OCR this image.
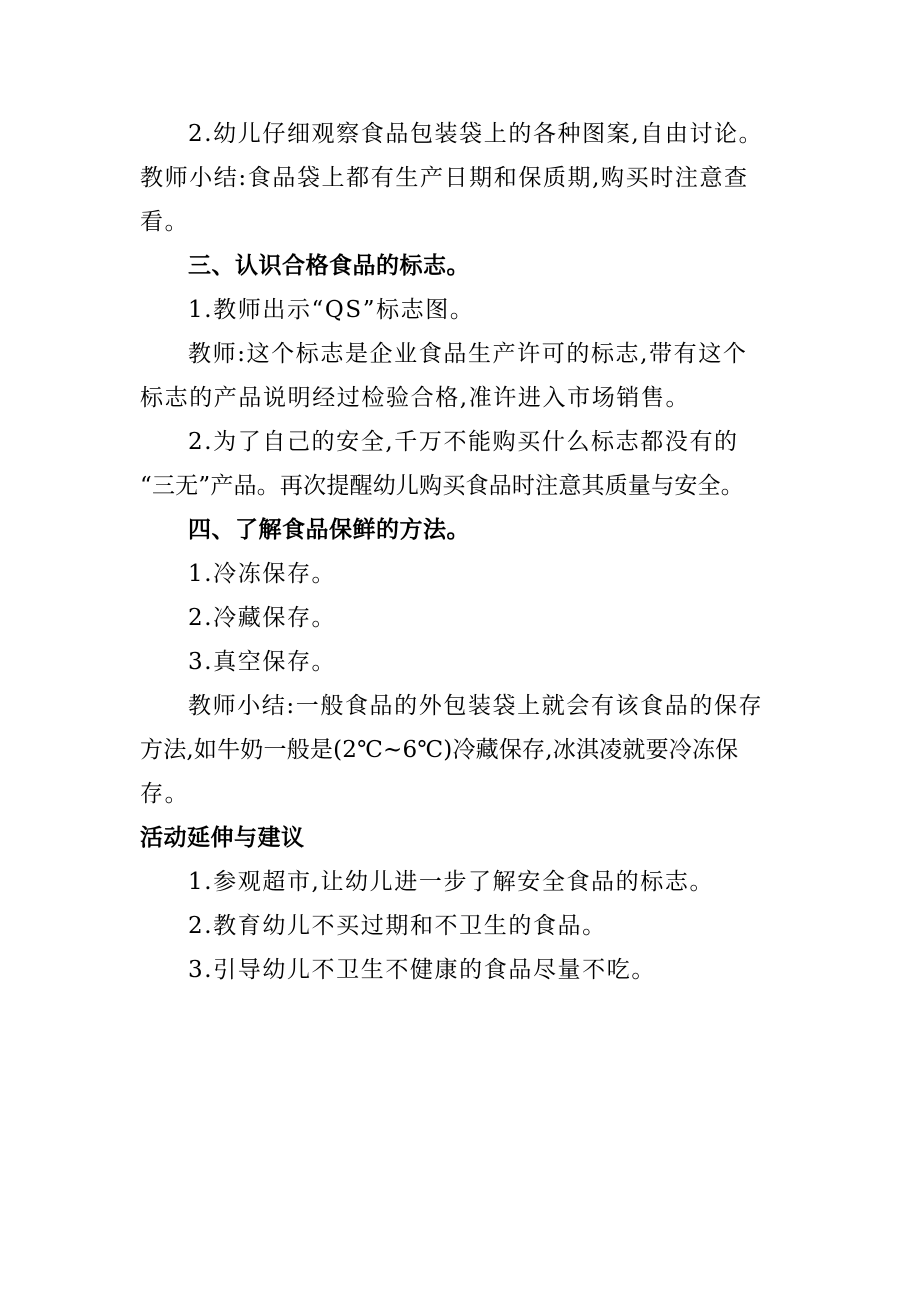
2.幼儿仔细观察食品包装袋上的各种图案,自由讨论。

教师小结:食品袋上都有生产日期和保质期,购买时注意查

看。

三、认识合格食品的标志。

1.教师出示“QS”标志图。

教师:这个标志是企业食品生产许可的标志,带有这个

标志的产品说明经过检验合格,准许进入市场销售。

2.为了自己的安全,千万不能购买什么标志都没有的

“三无”产品。再次提醒幼儿购买食品时注意其质量与安全。

四、了解食品保鲜的方法。

1.冷冻保存。

2.冷藏保存。

3.真空保存。

教师小结:一般食品的外包装袋上就会有该食品的保存

方法,如牛奶一般是(2℃~6℃)冷藏保存,冰淇凌就要冷冻保

存。

活动延伸与建议

1.参观超市,让幼儿进一步了解安全食品的标志。

2.教育幼儿不买过期和不卫生的食品。

3.引导幼儿不卫生不健康的食品尽量不吃。
